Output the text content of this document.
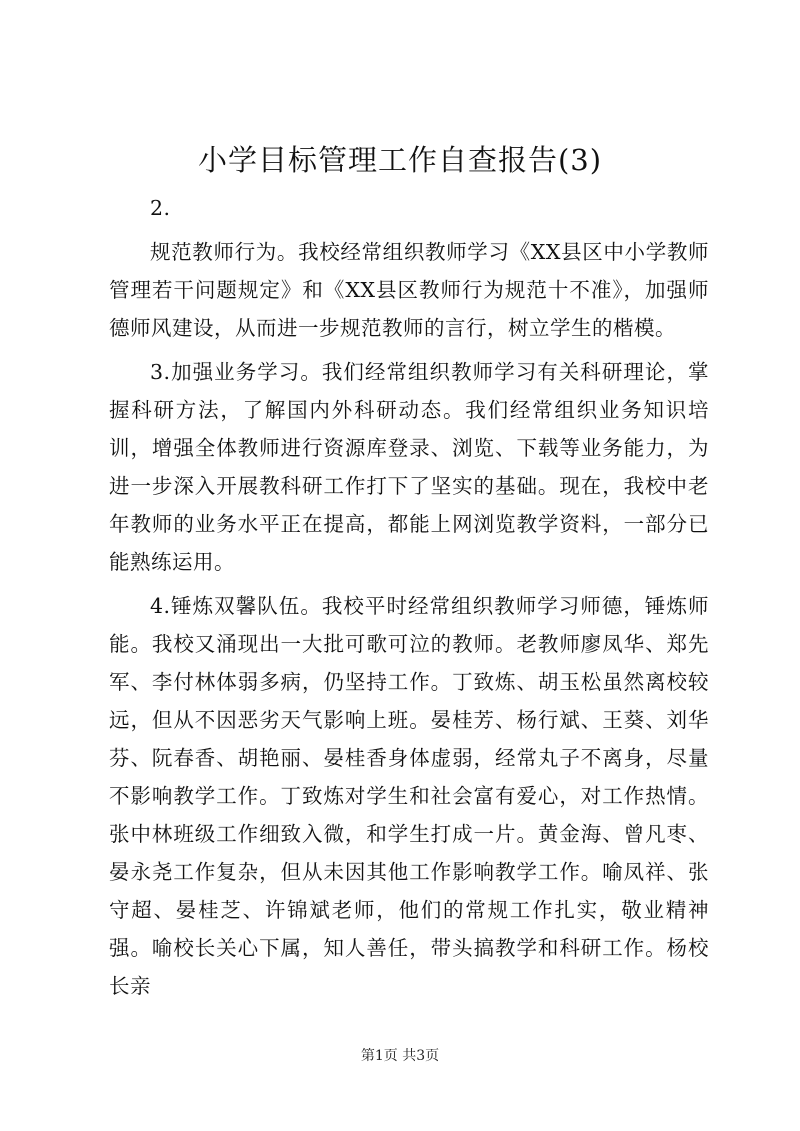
小学目标管理工作自查报告(3)

2.

规范教师行为。我校经常组织教师学习《XX县区中小学教师管理若干问题规定》和《XX县区教师行为规范十不准》，加强师德师风建设，从而进一步规范教师的言行，树立学生的楷模。

3.加强业务学习。我们经常组织教师学习有关科研理论，掌握科研方法，了解国内外科研动态。我们经常组织业务知识培训，增强全体教师进行资源库登录、浏览、下载等业务能力，为进一步深入开展教科研工作打下了坚实的基础。现在，我校中老年教师的业务水平正在提高，都能上网浏览教学资料，一部分已能熟练运用。

4.锤炼双馨队伍。我校平时经常组织教师学习师德，锤炼师能。我校又涌现出一大批可歌可泣的教师。老教师廖凤华、郑先军、李付林体弱多病，仍坚持工作。丁致炼、胡玉松虽然离校较远，但从不因恶劣天气影响上班。晏桂芳、杨行斌、王葵、刘华芬、阮春香、胡艳丽、晏桂香身体虚弱，经常丸子不离身，尽量不影响教学工作。丁致炼对学生和社会富有爱心，对工作热情。张中林班级工作细致入微，和学生打成一片。黄金海、曾凡枣、晏永尧工作复杂，但从未因其他工作影响教学工作。喻凤祥、张守超、晏桂芝、许锦斌老师，他们的常规工作扎实，敬业精神强。喻校长关心下属，知人善任，带头搞教学和科研工作。杨校长亲

第1页 共3页
